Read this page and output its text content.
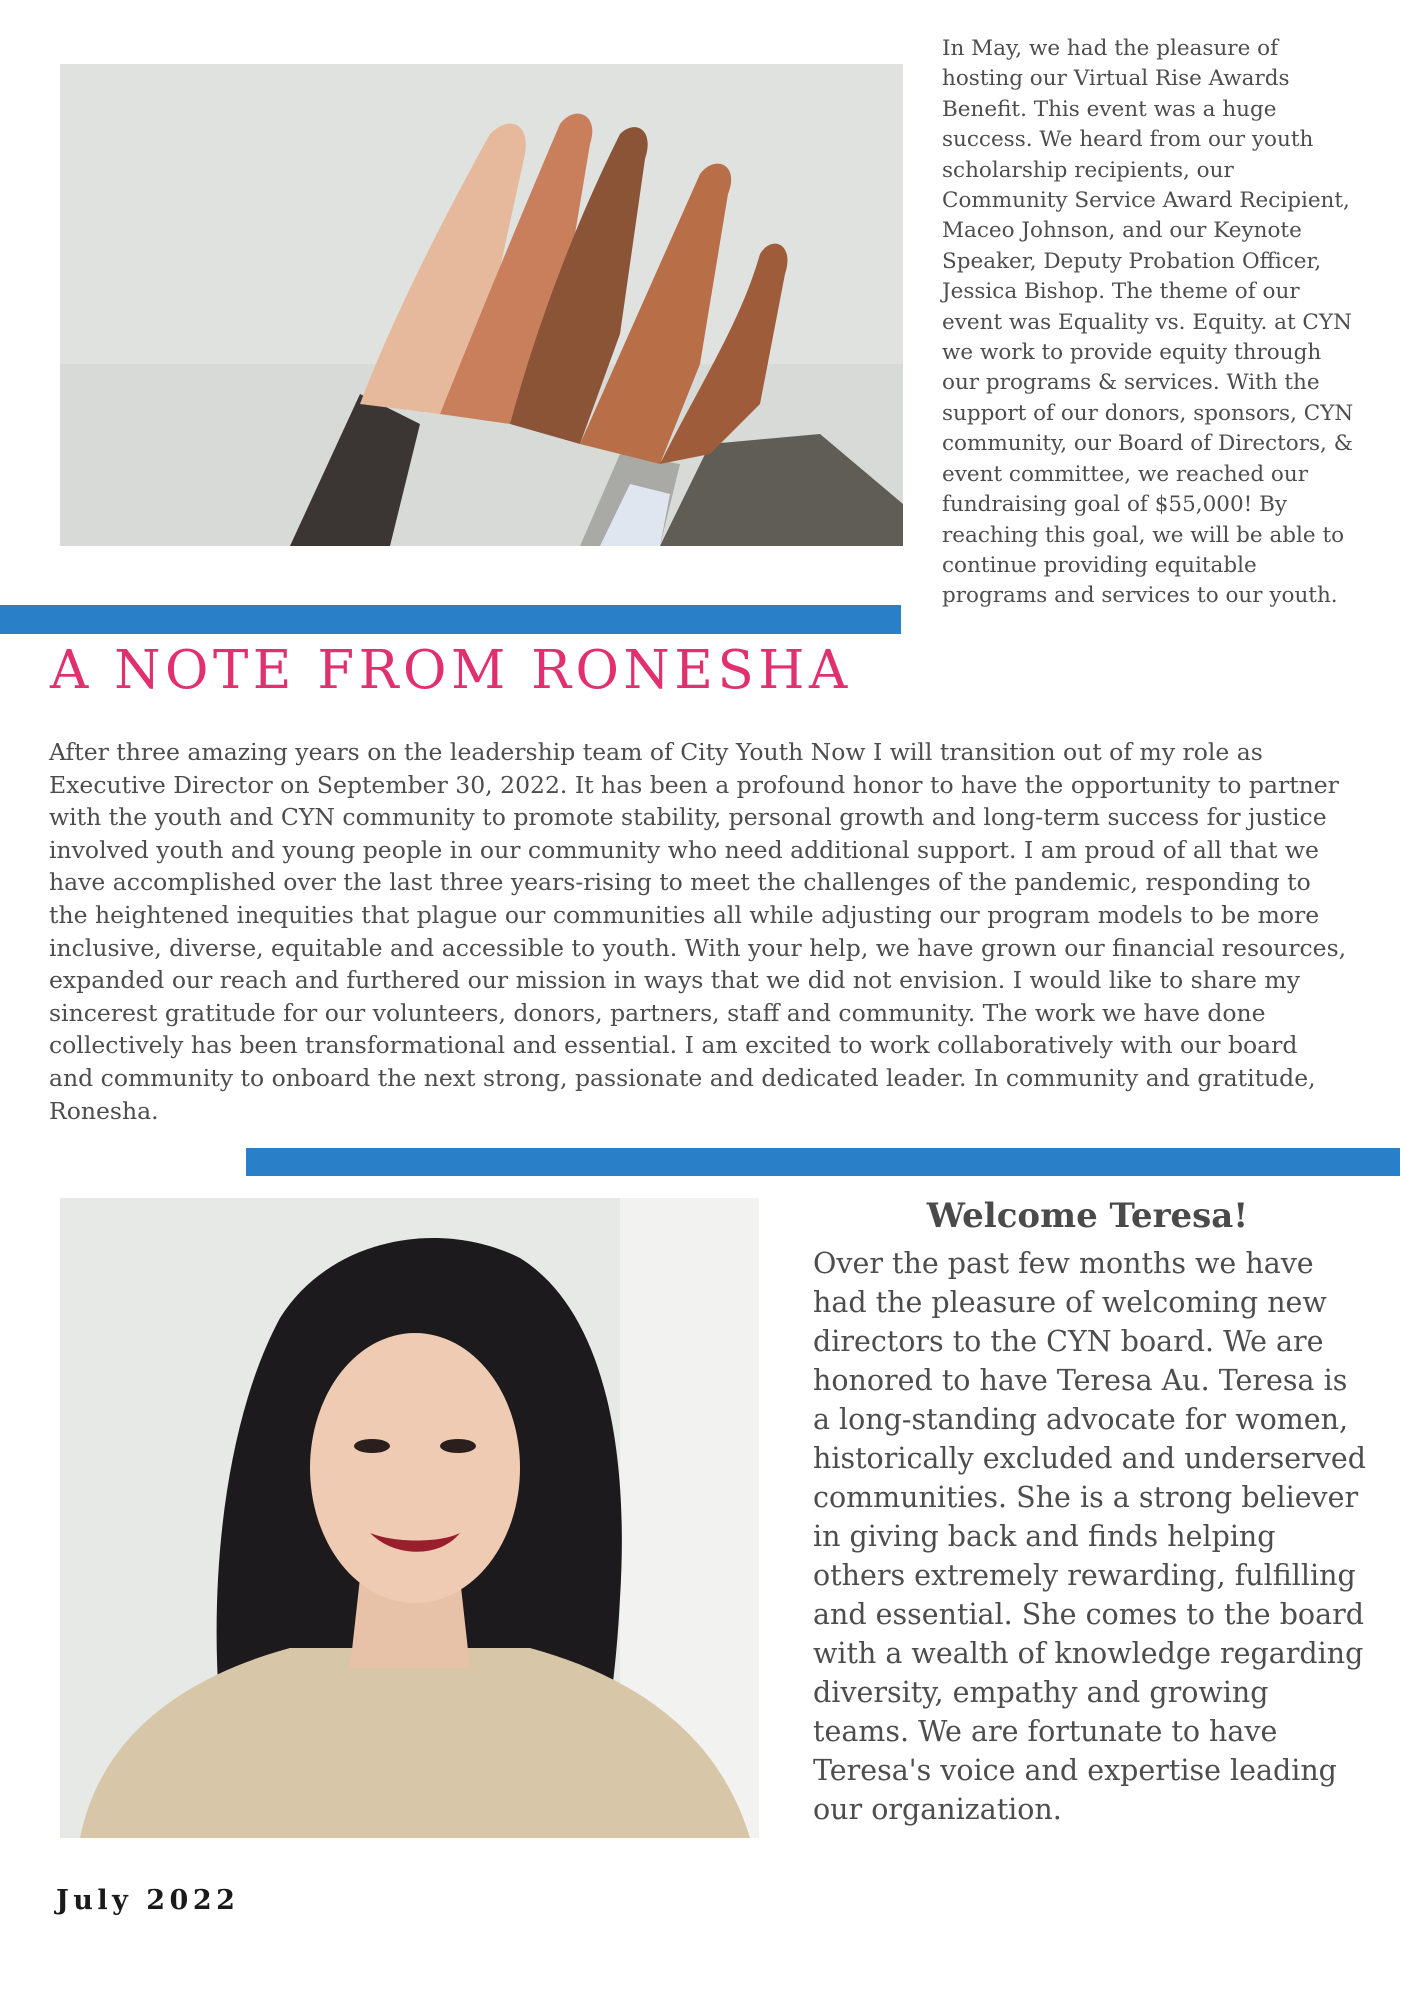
In May, we had the pleasure of hosting our Virtual Rise Awards Benefit. This event was a huge success. We heard from our youth scholarship recipients, our Community Service Award Recipient, Maceo Johnson, and our Keynote Speaker, Deputy Probation Officer, Jessica Bishop. The theme of our event was Equality vs. Equity. at CYN we work to provide equity through our programs & services. With the support of our donors, sponsors, CYN community, our Board of Directors, & event committee, we reached our fundraising goal of $55,000! By reaching this goal, we will be able to continue providing equitable programs and services to our youth.

A NOTE FROM RONESHA

After three amazing years on the leadership team of City Youth Now I will transition out of my role as Executive Director on September 30, 2022. It has been a profound honor to have the opportunity to partner with the youth and CYN community to promote stability, personal growth and long-term success for justice involved youth and young people in our community who need additional support. I am proud of all that we have accomplished over the last three years-rising to meet the challenges of the pandemic, responding to the heightened inequities that plague our communities all while adjusting our program models to be more inclusive, diverse, equitable and accessible to youth. With your help, we have grown our financial resources, expanded our reach and furthered our mission in ways that we did not envision. I would like to share my sincerest gratitude for our volunteers, donors, partners, staff and community. The work we have done collectively has been transformational and essential. I am excited to work collaboratively with our board and community to onboard the next strong, passionate and dedicated leader. In community and gratitude, Ronesha.

Welcome Teresa!

Over the past few months we have had the pleasure of welcoming new directors to the CYN board. We are honored to have Teresa Au. Teresa is a long-standing advocate for women, historically excluded and underserved communities. She is a strong believer in giving back and finds helping others extremely rewarding, fulfilling and essential. She comes to the board with a wealth of knowledge regarding diversity, empathy and growing teams. We are fortunate to have Teresa's voice and expertise leading our organization.

July 2022
